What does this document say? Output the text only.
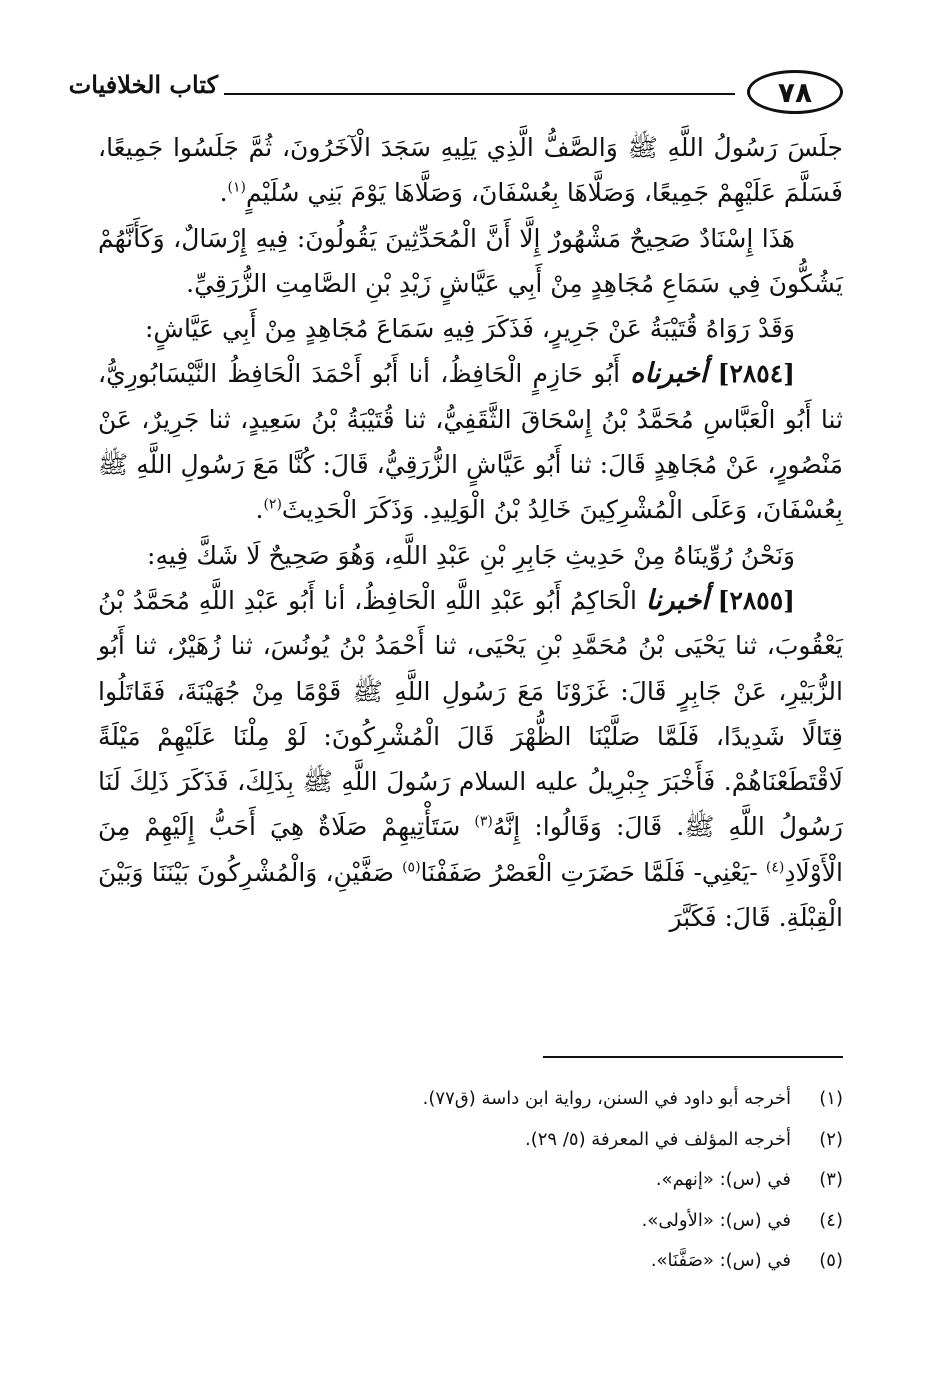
كتاب الخلافيات	٧٨

جلَسَ رَسُولُ اللَّهِ ﷺ وَالصَّفُّ الَّذِي يَلِيهِ سَجَدَ الْآخَرُونَ، ثُمَّ جَلَسُوا جَمِيعًا، فَسَلَّمَ عَلَيْهِمْ جَمِيعًا، وَصَلَّاهَا بِعُسْفَانَ، وَصَلَّاهَا يَوْمَ بَنِي سُلَيْمٍ$^{(١)}$.

هَذَا إِسْنَادٌ صَحِيحٌ مَشْهُورٌ إِلَّا أَنَّ الْمُحَدِّثِينَ يَقُولُونَ: فِيهِ إِرْسَالٌ، وَكَأَنَّهُمْ يَشُكُّونَ فِي سَمَاعِ مُجَاهِدٍ مِنْ أَبِي عَيَّاشٍ زَيْدِ بْنِ الصَّامِتِ الزُّرَقِيِّ.

وَقَدْ رَوَاهُ قُتَيْبَةُ عَنْ جَرِيرٍ، فَذَكَرَ فِيهِ سَمَاعَ مُجَاهِدٍ مِنْ أَبِي عَيَّاشٍ:

[٢٨٥٤] أخبرناه أَبُو حَازِمٍ الْحَافِظُ، أنا أَبُو أَحْمَدَ الْحَافِظُ النَّيْسَابُورِيُّ، ثنا أَبُو الْعَبَّاسِ مُحَمَّدُ بْنُ إِسْحَاقَ الثَّقَفِيُّ، ثنا قُتَيْبَةُ بْنُ سَعِيدٍ، ثنا جَرِيرٌ، عَنْ مَنْصُورٍ، عَنْ مُجَاهِدٍ قَالَ: ثنا أَبُو عَيَّاشٍ الزُّرَقِيُّ، قَالَ: كُنَّا مَعَ رَسُولِ اللَّهِ ﷺ بِعُسْفَانَ، وَعَلَى الْمُشْرِكِينَ خَالِدُ بْنُ الْوَلِيدِ. وَذَكَرَ الْحَدِيثَ$^{(٢)}$.

وَنَحْنُ رُوِّينَاهُ مِنْ حَدِيثِ جَابِرِ بْنِ عَبْدِ اللَّهِ، وَهُوَ صَحِيحٌ لَا شَكَّ فِيهِ:

[٢٨٥٥] أخبرنا الْحَاكِمُ أَبُو عَبْدِ اللَّهِ الْحَافِظُ، أنا أَبُو عَبْدِ اللَّهِ مُحَمَّدُ بْنُ يَعْقُوبَ، ثنا يَحْيَى بْنُ مُحَمَّدِ بْنِ يَحْيَى، ثنا أَحْمَدُ بْنُ يُونُسَ، ثنا زُهَيْرٌ، ثنا أَبُو الزُّبَيْرِ، عَنْ جَابِرٍ قَالَ: غَزَوْنَا مَعَ رَسُولِ اللَّهِ ﷺ قَوْمًا مِنْ جُهَيْنَةَ، فَقَاتَلُوا قِتَالًا شَدِيدًا، فَلَمَّا صَلَّيْنَا الظُّهْرَ قَالَ الْمُشْرِكُونَ: لَوْ مِلْنَا عَلَيْهِمْ مَيْلَةً لَاقْتَطَعْنَاهُمْ. فَأَخْبَرَ جِبْرِيلُ عليه السلام رَسُولَ اللَّهِ ﷺ بِذَلِكَ، فَذَكَرَ ذَلِكَ لَنَا رَسُولُ اللَّهِ ﷺ. قَالَ: وَقَالُوا: إِنَّهُ$^{(٣)}$ سَتَأْتِيهِمْ صَلَاةٌ هِيَ أَحَبُّ إِلَيْهِمْ مِنَ الْأَوْلَادِ$^{(٤)}$ -يَعْنِي- فَلَمَّا حَضَرَتِ الْعَصْرُ صَفَفْنَا$^{(٥)}$ صَفَّيْنِ، وَالْمُشْرِكُونَ بَيْنَنَا وَبَيْنَ الْقِبْلَةِ. قَالَ: فَكَبَّرَ

(١)
أخرجه أبو داود في السنن، رواية ابن داسة (ق٧٧).
(٢)
أخرجه المؤلف في المعرفة (٥/ ٢٩).
(٣)
في (س): «إنهم».
(٤)
في (س): «الأولى».
(٥)
في (س): «صَفَّنَا».
